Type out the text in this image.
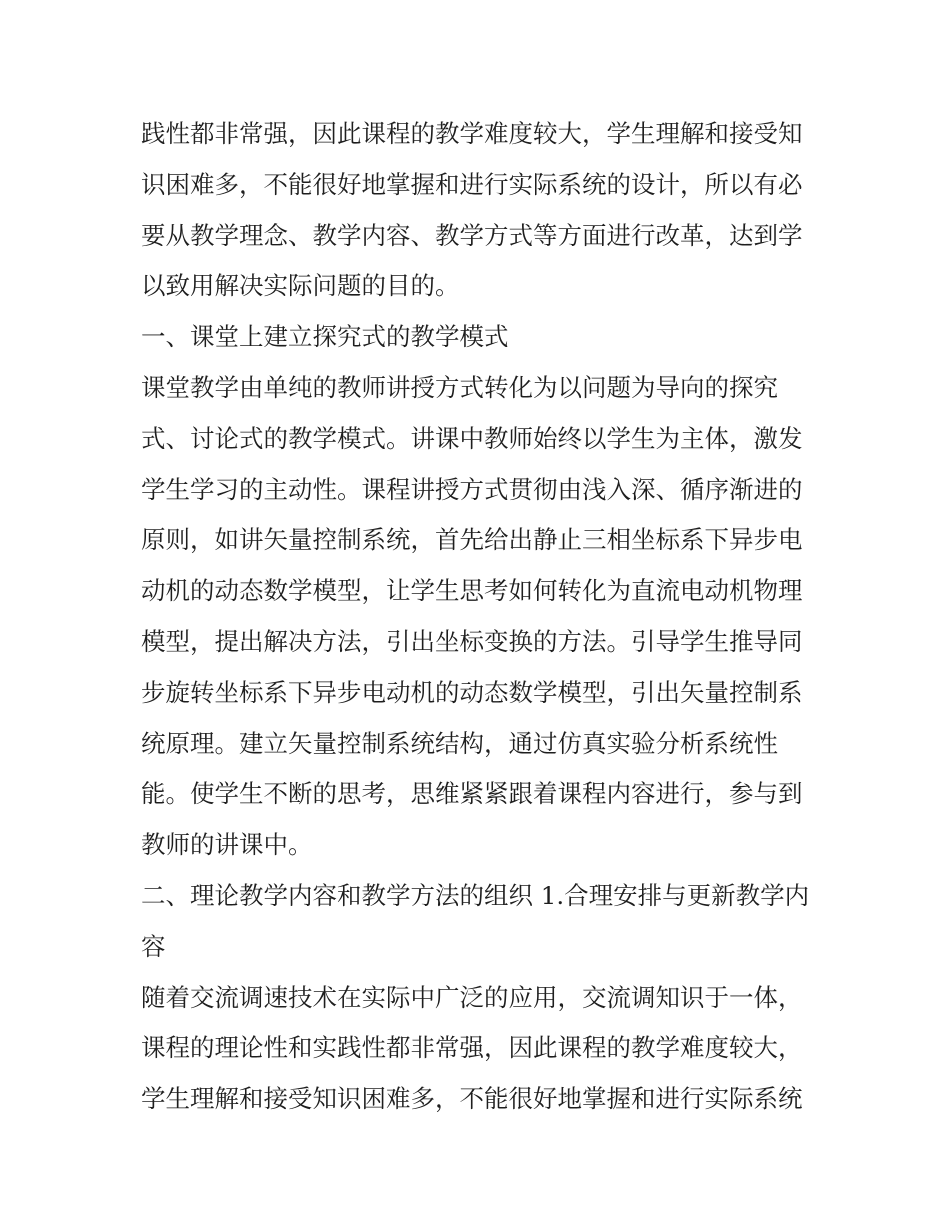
践性都非常强，因此课程的教学难度较大，学生理解和接受知
识困难多，不能很好地掌握和进行实际系统的设计，所以有必
要从教学理念、教学内容、教学方式等方面进行改革，达到学
以致用解决实际问题的目的。
一、课堂上建立探究式的教学模式
课堂教学由单纯的教师讲授方式转化为以问题为导向的探究
式、讨论式的教学模式。讲课中教师始终以学生为主体，激发
学生学习的主动性。课程讲授方式贯彻由浅入深、循序渐进的
原则，如讲矢量控制系统，首先给出静止三相坐标系下异步电
动机的动态数学模型，让学生思考如何转化为直流电动机物理
模型，提出解决方法，引出坐标变换的方法。引导学生推导同
步旋转坐标系下异步电动机的动态数学模型，引出矢量控制系
统原理。建立矢量控制系统结构，通过仿真实验分析系统性
能。使学生不断的思考，思维紧紧跟着课程内容进行，参与到
教师的讲课中。
二、理论教学内容和教学方法的组织 1.合理安排与更新教学内
容
随着交流调速技术在实际中广泛的应用，交流调知识于一体，
课程的理论性和实践性都非常强，因此课程的教学难度较大，
学生理解和接受知识困难多，不能很好地掌握和进行实际系统
